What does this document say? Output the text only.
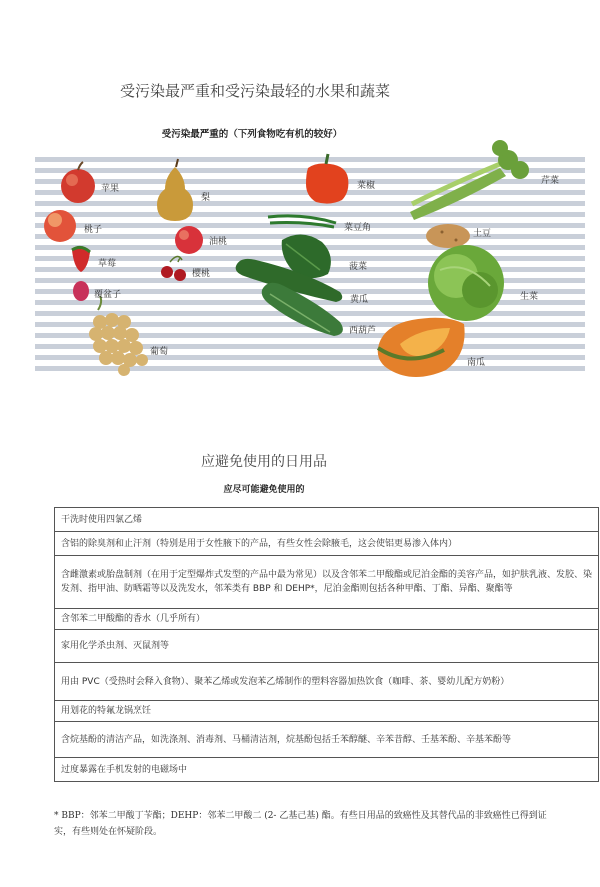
受污染最严重和受污染最轻的水果和蔬菜
受污染最严重的（下列食物吃有机的较好）
苹果
桃子
草莓
覆盆子
葡萄
梨
油桃
樱桃
菜椒
菜豆角
菠菜
黄瓜
西葫芦
芹菜
土豆
生菜
南瓜
应避免使用的日用品
应尽可能避免使用的
干洗时使用四氯乙烯
含铝的除臭剂和止汗剂（特别是用于女性腋下的产品，有些女性会除腋毛，这会使铝更易渗入体内）
含雌激素或胎盘制剂（在用于定型爆炸式发型的产品中最为常见）以及含邻苯二甲酸酯或尼泊金酯的美容产品，如护肤乳液、发胶、染发剂、指甲油、防晒霜等以及洗发水，邻苯类有 BBP 和 DEHP*，尼泊金酯则包括各种甲酯、丁酯、异酯、聚酯等
含邻苯二甲酸酯的香水（几乎所有）
家用化学杀虫剂、灭鼠剂等
用由 PVC（受热时会释入食物）、聚苯乙烯或发泡苯乙烯制作的塑料容器加热饮食（咖啡、茶、婴幼儿配方奶粉）
用划花的特氟龙锅烹饪
含烷基酚的清洁产品，如洗涤剂、消毒剂、马桶清洁剂，烷基酚包括壬苯醇醚、辛苯昔醇、壬基苯酚、辛基苯酚等
过度暴露在手机发射的电磁场中
* BBP：邻苯二甲酸丁苄酯；DEHP：邻苯二甲酸二 (2- 乙基己基) 酯。有些日用品的致癌性及其替代品的非致癌性已得到证实，有些则处在怀疑阶段。
